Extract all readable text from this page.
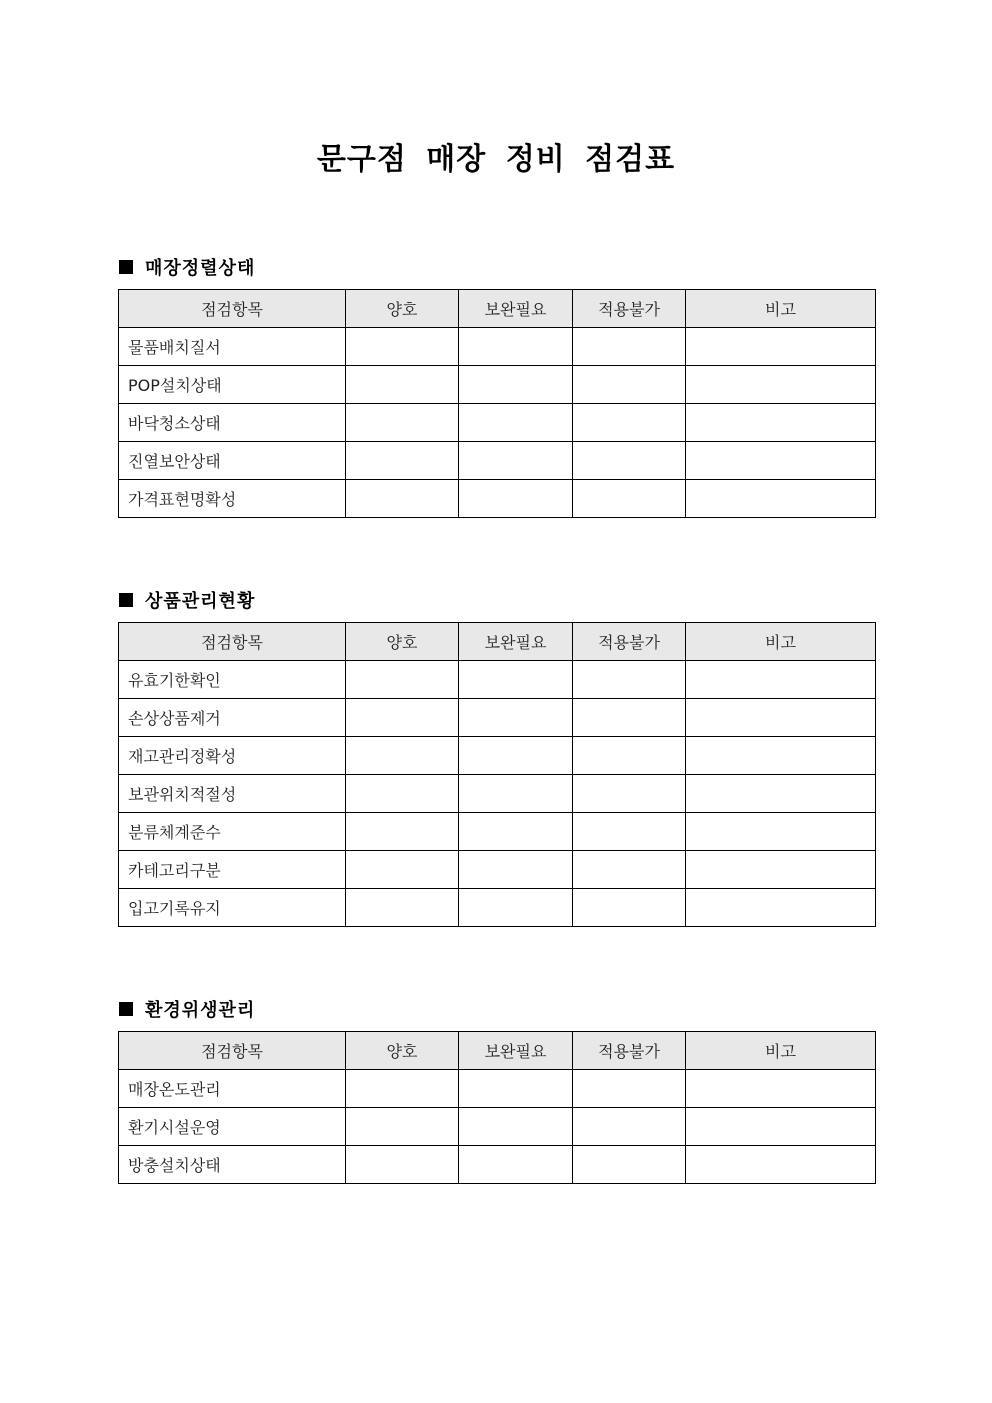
문구점 매장 정비 점검표
매장정렬상태
점검항목	양호	보완필요	적용불가	비고
물품배치질서				
POP설치상태				
바닥청소상태				
진열보안상태				
가격표현명확성				
상품관리현황
점검항목	양호	보완필요	적용불가	비고
유효기한확인				
손상상품제거				
재고관리정확성				
보관위치적절성				
분류체계준수				
카테고리구분				
입고기록유지				
환경위생관리
점검항목	양호	보완필요	적용불가	비고
매장온도관리				
환기시설운영				
방충설치상태				
